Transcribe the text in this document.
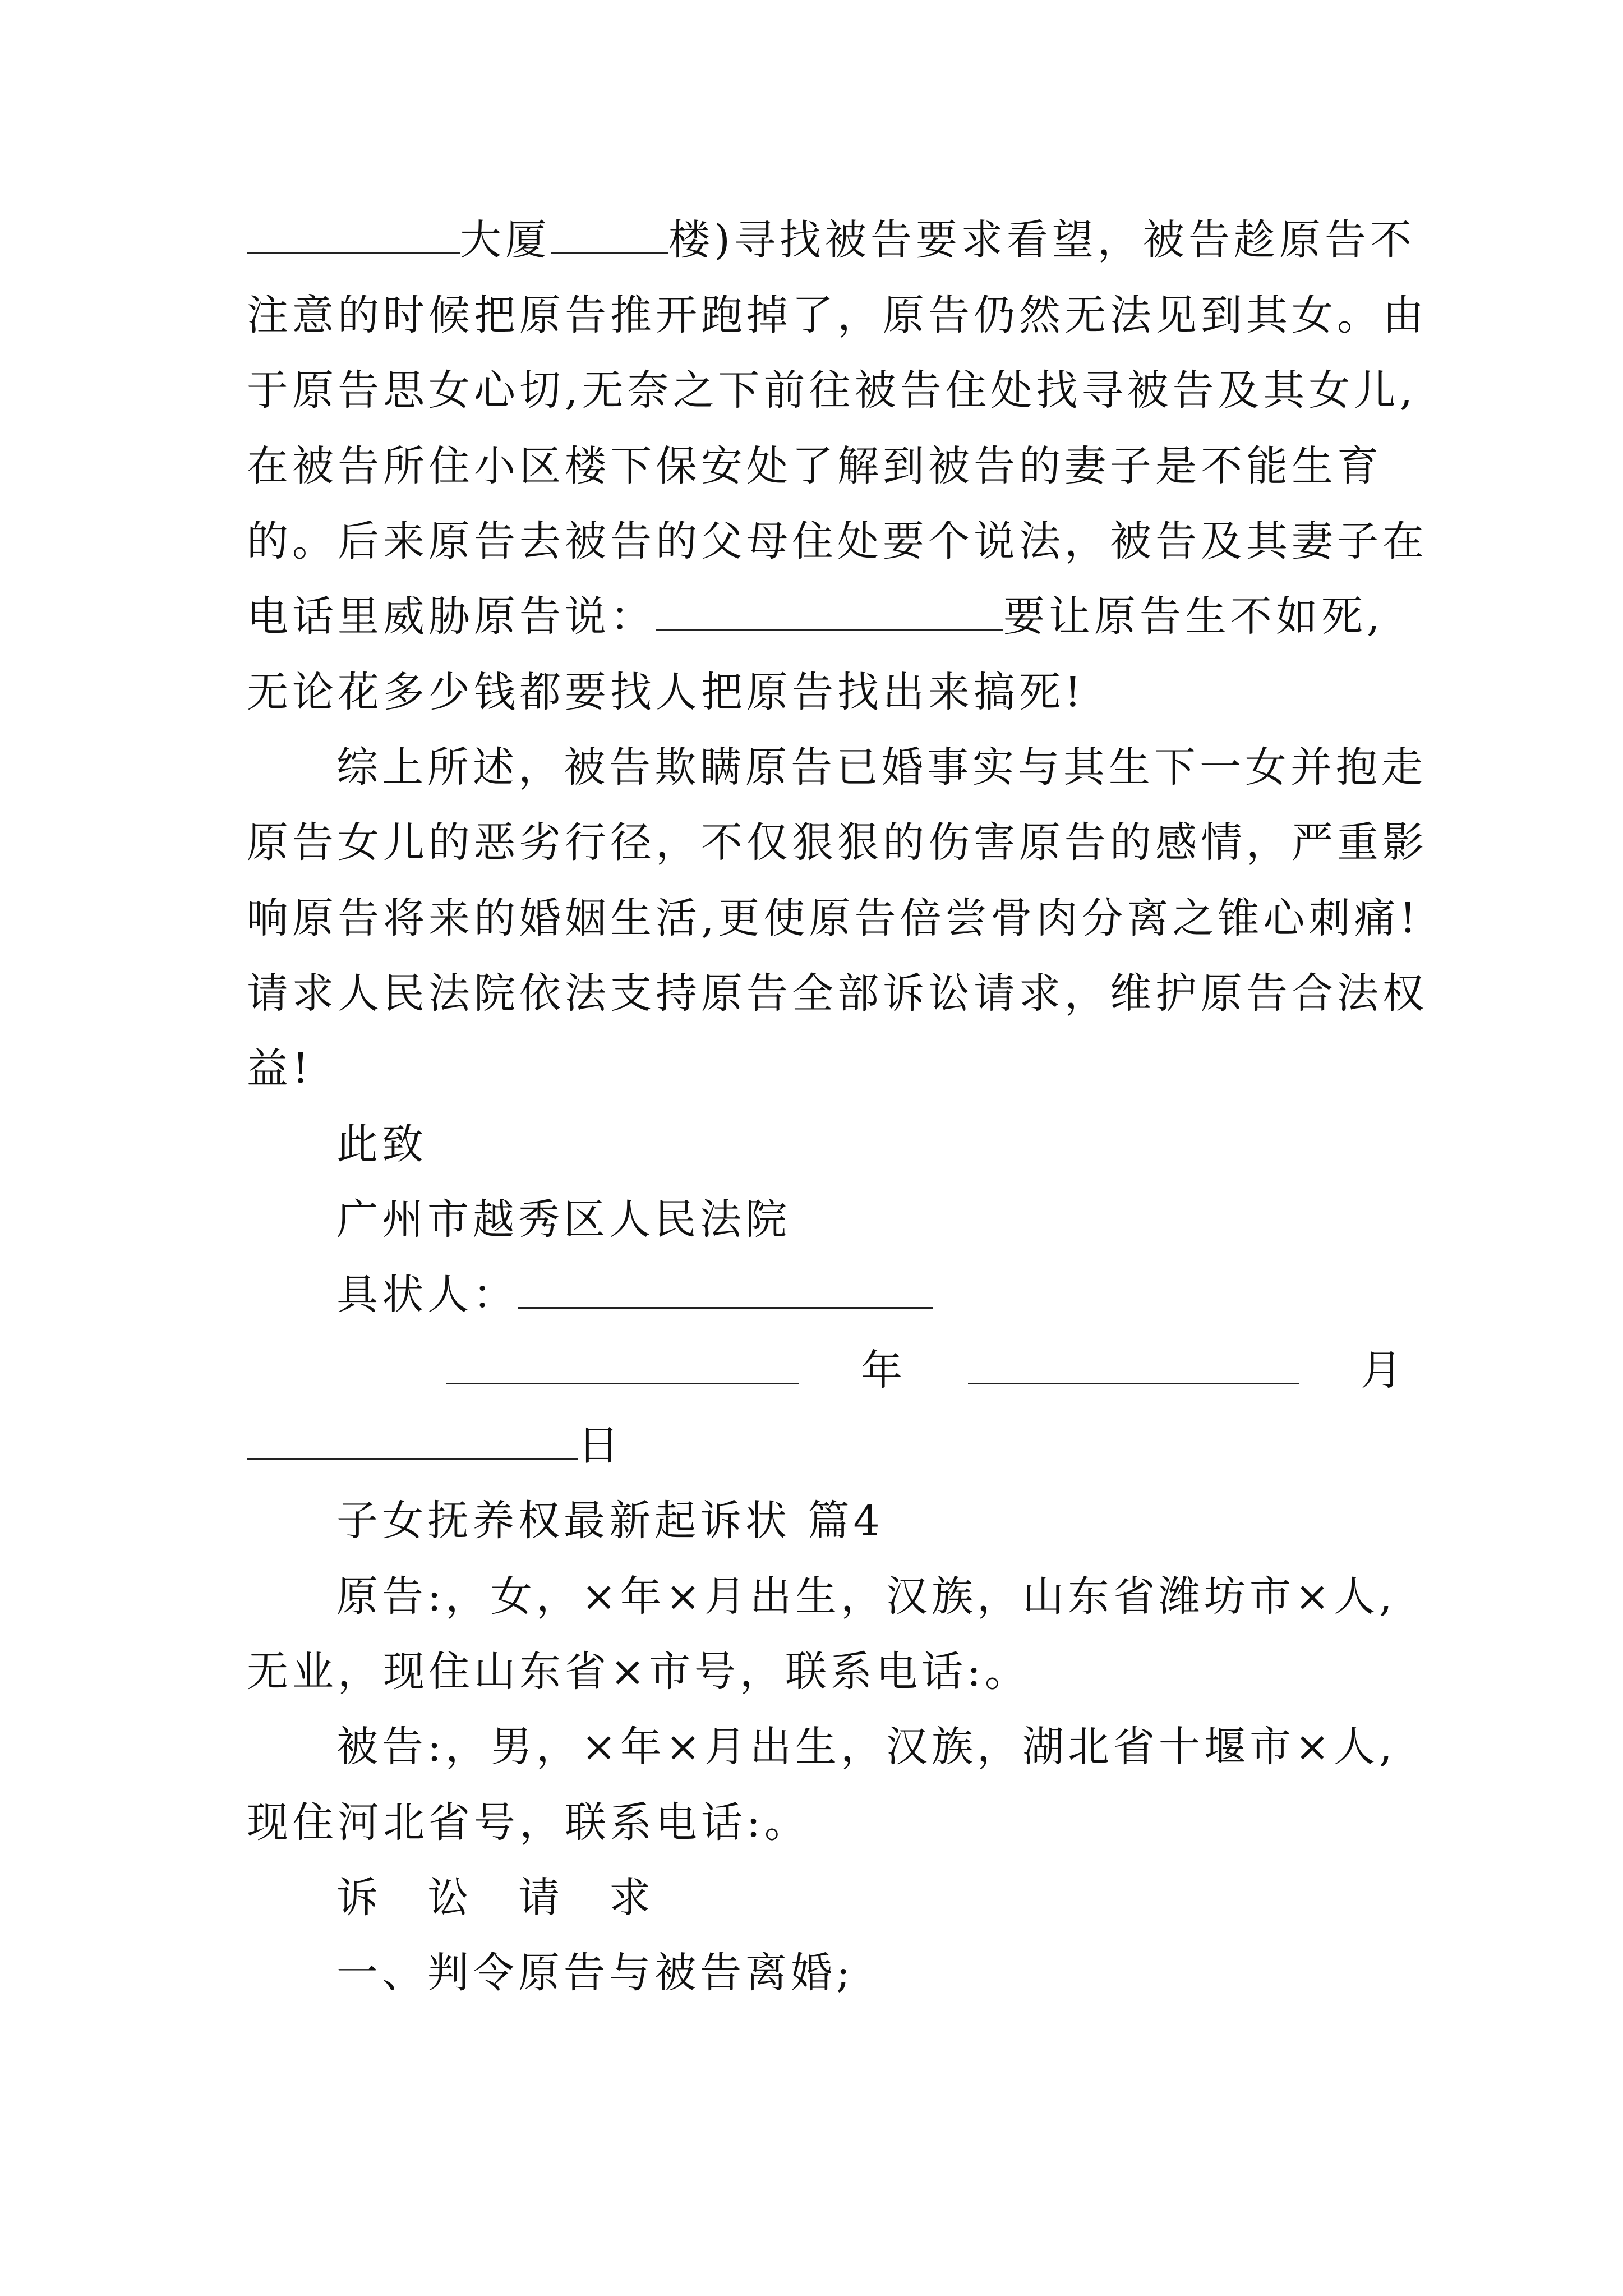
大厦	楼)寻找被告要求看望，被告趁原告不
注意的时候把原告推开跑掉了，原告仍然无法见到其女。由
于原告思女心切,无奈之下前往被告住处找寻被告及其女儿,
在被告所住小区楼下保安处了解到被告的妻子是不能生育
的。后来原告去被告的父母住处要个说法，被告及其妻子在
电话里威胁原告说：	要让原告生不如死,
无论花多少钱都要找人把原告找出来搞死!
综上所述，被告欺瞒原告已婚事实与其生下一女并抱走
原告女儿的恶劣行径，不仅狠狠的伤害原告的感情，严重影
响原告将来的婚姻生活,更使原告倍尝骨肉分离之锥心刺痛!
请求人民法院依法支持原告全部诉讼请求，维护原告合法权
益!
此致
广州市越秀区人民法院
具状人：
年	月
日
子女抚养权最新起诉状 篇4
原告:，女，×年×月出生，汉族，山东省潍坊市×人,
无业，现住山东省×市号，联系电话:。
被告:，男，×年×月出生，汉族，湖北省十堰市×人,
现住河北省号，联系电话:。
诉　讼　请　求
一、判令原告与被告离婚;
